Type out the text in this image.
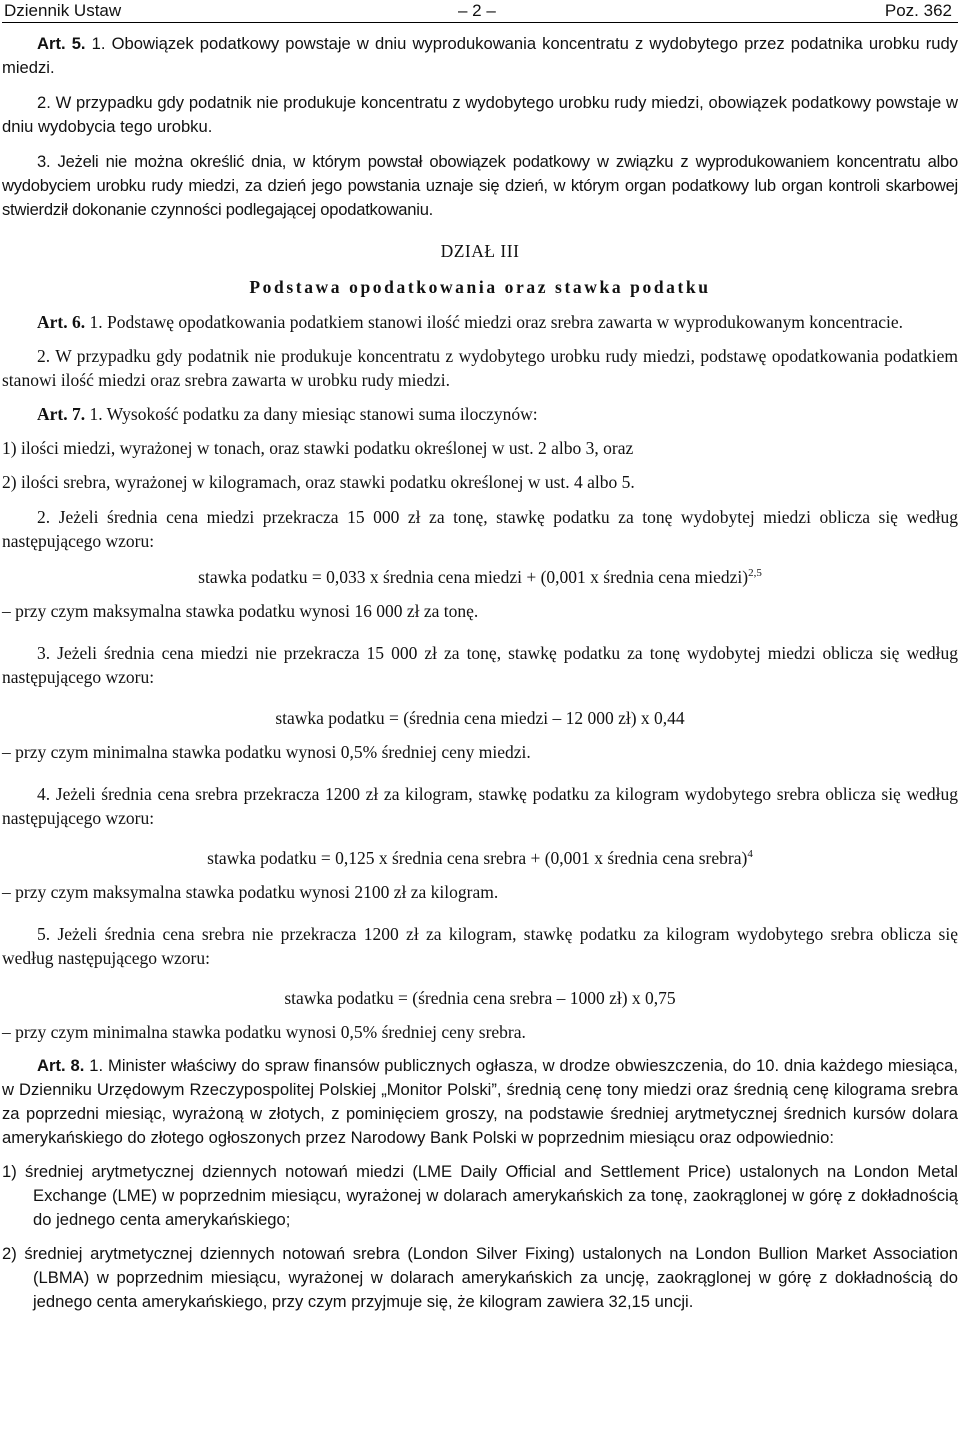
Dziennik Ustaw	– 2 –	Poz. 362

Art. 5. 1. Obowiązek podatkowy powstaje w dniu wyprodukowania koncentratu z wydobytego przez podatnika urobku rudy miedzi.

2. W przypadku gdy podatnik nie produkuje koncentratu z wydobytego urobku rudy miedzi, obowiązek podatkowy powstaje w dniu wydobycia tego urobku.

3. Jeżeli nie można określić dnia, w którym powstał obowiązek podatkowy w związku z wyprodukowaniem koncentratu albo wydobyciem urobku rudy miedzi, za dzień jego powstania uznaje się dzień, w którym organ podatkowy lub organ kontroli skarbowej stwierdził dokonanie czynności podlegającej opodatkowaniu.

DZIAŁ III

Podstawa opodatkowania oraz stawka podatku

Art. 6. 1. Podstawę opodatkowania podatkiem stanowi ilość miedzi oraz srebra zawarta w wyprodukowanym koncentracie.

2. W przypadku gdy podatnik nie produkuje koncentratu z wydobytego urobku rudy miedzi, podstawę opodatkowania podatkiem stanowi ilość miedzi oraz srebra zawarta w urobku rudy miedzi.

Art. 7. 1. Wysokość podatku za dany miesiąc stanowi suma iloczynów:

1) ilości miedzi, wyrażonej w tonach, oraz stawki podatku określonej w ust. 2 albo 3, oraz

2) ilości srebra, wyrażonej w kilogramach, oraz stawki podatku określonej w ust. 4 albo 5.

2. Jeżeli średnia cena miedzi przekracza 15 000 zł za tonę, stawkę podatku za tonę wydobytej miedzi oblicza się według następującego wzoru:

stawka podatku = 0,033 x średnia cena miedzi + (0,001 x średnia cena miedzi)$^{2,5}$

– przy czym maksymalna stawka podatku wynosi 16 000 zł za tonę.

3. Jeżeli średnia cena miedzi nie przekracza 15 000 zł za tonę, stawkę podatku za tonę wydobytej miedzi oblicza się według następującego wzoru:

stawka podatku = (średnia cena miedzi – 12 000 zł) x 0,44

– przy czym minimalna stawka podatku wynosi 0,5% średniej ceny miedzi.

4. Jeżeli średnia cena srebra przekracza 1200 zł za kilogram, stawkę podatku za kilogram wydobytego srebra oblicza się według następującego wzoru:

stawka podatku = 0,125 x średnia cena srebra + (0,001 x średnia cena srebra)$^4$

– przy czym maksymalna stawka podatku wynosi 2100 zł za kilogram.

5. Jeżeli średnia cena srebra nie przekracza 1200 zł za kilogram, stawkę podatku za kilogram wydobytego srebra oblicza się według następującego wzoru:

stawka podatku = (średnia cena srebra – 1000 zł) x 0,75

– przy czym minimalna stawka podatku wynosi 0,5% średniej ceny srebra.

Art. 8. 1. Minister właściwy do spraw finansów publicznych ogłasza, w drodze obwieszczenia, do 10. dnia każdego miesiąca, w Dzienniku Urzędowym Rzeczypospolitej Polskiej „Monitor Polski”, średnią cenę tony miedzi oraz średnią cenę kilograma srebra za poprzedni miesiąc, wyrażoną w złotych, z pominięciem groszy, na podstawie średniej arytmetycznej średnich kursów dolara amerykańskiego do złotego ogłoszonych przez Narodowy Bank Polski w poprzednim miesiącu oraz odpowiednio:

1) średniej arytmetycznej dziennych notowań miedzi (LME Daily Official and Settlement Price) ustalonych na London Metal Exchange (LME) w poprzednim miesiącu, wyrażonej w dolarach amerykańskich za tonę, zaokrąglonej w górę z dokładnością do jednego centa amerykańskiego;

2) średniej arytmetycznej dziennych notowań srebra (London Silver Fixing) ustalonych na London Bullion Market Association (LBMA) w poprzednim miesiącu, wyrażonej w dolarach amerykańskich za uncję, zaokrąglonej w górę z dokładnością do jednego centa amerykańskiego, przy czym przyjmuje się, że kilogram zawiera 32,15 uncji.
